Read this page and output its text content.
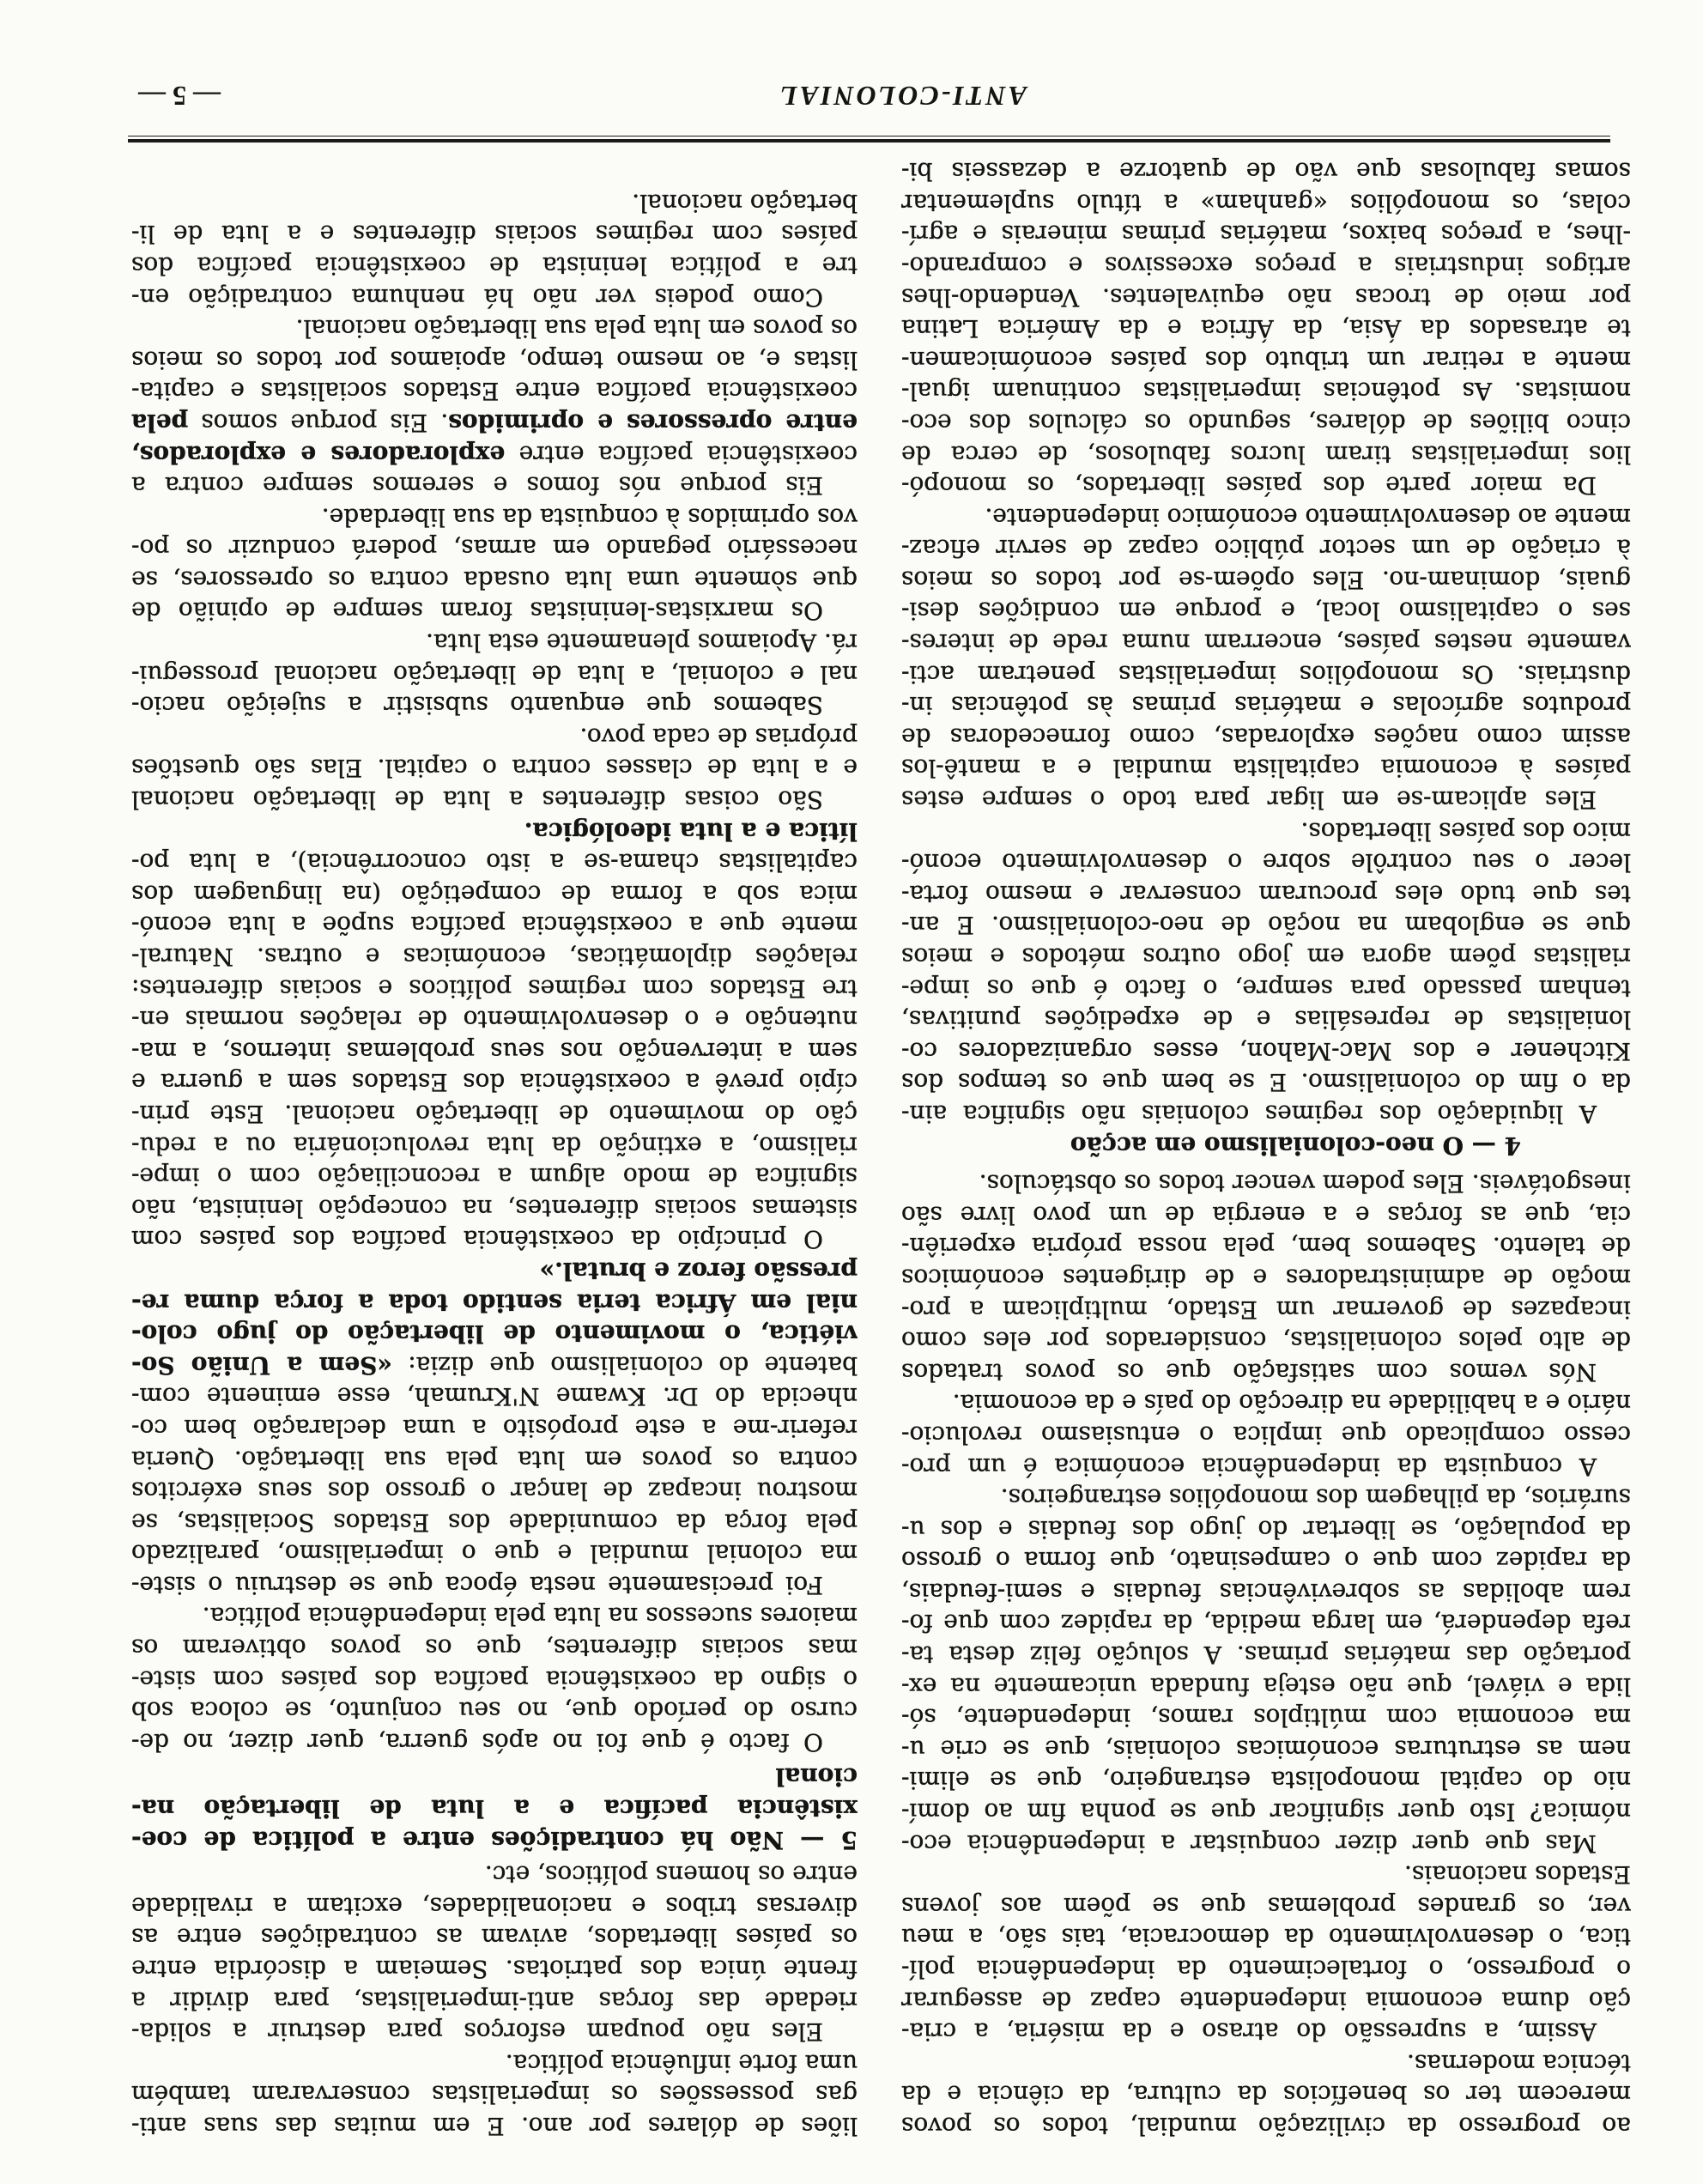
ao progresso da civilização mundial, todos os povos
merecem ter os benefícios da cultura, da ciência e da
técnica modernas.
Assim, a supressão do atraso e da miséria, a cria-
ção duma economia independente capaz de assegurar
o progresso, o fortalecimento da independência polí-
tica, o desenvolvimento da democracia, tais são, a meu
ver, os grandes problemas que se põem aos jovens
Estados nacionais.
Mas que quer dizer conquistar a independência eco-
nómica? Isto quer significar que se ponha fim ao domí-
nio do capital monopolista estrangeiro, que se elimi-
nem as estruturas económicas coloniais, que se crie u-
ma economia com múltiplos ramos, independente, só-
lida e viável, que não esteja fundada unicamente na ex-
portação das matérias primas. A solução feliz desta ta-
refa dependerá, em larga medida, da rapidez com que fo-
rem abolidas as sobrevivências feudais e semi-feudais,
da rapidez com que o campesinato, que forma o grosso
da população, se libertar do jugo dos feudais e dos u-
surários, da pilhagem dos monopólios estrangeiros.
A conquista da independência económica é um pro-
cesso complicado que implica o entusiasmo revolucio-
nário e a habilidade na direcção do país e da economia.
Nós vemos com satisfação que os povos tratados
de alto pelos colonialistas, considerados por eles como
incapazes de governar um Estado, multiplicam a pro-
moção de administradores e de dirigentes económicos
de talento. Sabemos bem, pela nossa própria experiên-
cia, que as forças e a energia de um povo livre são
inesgotáveis. Eles podem vencer todos os obstáculos.
4 — O neo-colonialismo em acção
A liquidação dos regimes coloniais não significa ain-
da o fim do colonialismo. E se bem que os tempos dos
Kitchener e dos Mac-Mahon, esses organizadores co-
lonialistas de represálias e de expedições punitivas,
tenham passado para sempre, o facto é que os impe-
rialistas põem agora em jogo outros métodos e meios
que se englobam na noção de neo-colonialismo. E an-
tes que tudo eles procuram conservar e mesmo forta-
lecer o seu contrôle sobre o desenvolvimento econó-
mico dos países libertados.
Eles aplicam-se em ligar para todo o sempre estes
países à economia capitalista mundial e a mantê-los
assim como nações exploradas, como fornecedoras de
produtos agrícolas e matérias primas às potências in-
dustriais. Os monopólios imperialistas penetram acti-
vamente nestes países, encerram numa rede de interes-
ses o capitalismo local, e porque em condições desi-
guais, dominam-no. Eles opõem-se por todos os meios
à criação de um sector público capaz de servir eficaz-
mente ao desenvolvimento económico independente.
Da maior parte dos países libertados, os monopó-
lios imperialistas tiram lucros fabulosos, de cerca de
cinco biliões de dólares, segundo os cálculos dos eco-
nomistas. As potências imperialistas continuam igual-
mente a retirar um tributo dos países económicamen-
te atrasados da Ásia, da África e da América Latina
por meio de trocas não equivalentes. Vendendo-lhes
artigos industriais a preços excessivos e comprando-
-lhes, a preços baixos, matérias primas minerais e agrí-
colas, os monopólios «ganham» a título suplementar
somas fabulosas que vão de quatorze a dezasseis bi-
liões de dólares por ano. E em muitas das suas anti-
gas possessões os imperialistas conservaram também
uma forte influência política.
Eles não poupam esforços para destruir a solida-
riedade das forças anti-imperialistas, para dividir a
frente única dos patriotas. Semeiam a discórdia entre
os países libertados, avivam as contradições entre as
diversas tribos e nacionalidades, excitam a rivalidade
entre os homens políticos, etc.
5 — Não há contradições entre a política de coe-
xistência pacífica e a luta de libertação na-
cional
O facto é que foi no após guerra, quer dizer, no de-
curso do período que, no seu conjunto, se coloca sob
o signo da coexistência pacífica dos países com siste-
mas sociais diferentes, que os povos obtiveram os
maiores sucessos na luta pela independência política.
Foi precisamente nesta época que se destruiu o siste-
ma colonial mundial e que o imperialismo, paralizado
pela força da comunidade dos Estados Socialistas, se
mostrou incapaz de lançar o grosso dos seus exércitos
contra os povos em luta pela sua libertação. Queria
referir-me a este propósito a uma declaração bem co-
nhecida do Dr. Kwame N'Krumah, esse eminente com-
batente do colonialismo que dizia: «Sem a União So-
viética, o movimento de libertação do jugo colo-
nial em África teria sentido toda a força duma re-
pressão feroz e brutal.»
O princípio da coexistência pacífica dos países com
sistemas sociais diferentes, na concepção leninista, não
significa de modo algum a reconciliação com o impe-
rialismo, a extinção da luta revolucionária ou a redu-
ção do movimento de libertação nacional. Este prin-
cípio prevê a coexistência dos Estados sem a guerra e
sem a intervenção nos seus problemas internos, a ma-
nutenção e o desenvolvimento de relações normais en-
tre Estados com regimes políticos e sociais diferentes:
relações diplomáticas, económicas e outras. Natural-
mente que a coexistência pacífica supõe a luta econó-
mica sob a forma de competição (na linguagem dos
capitalistas chama-se a isto concorrência), a luta po-
lítica e a luta ideológica.
São coisas diferentes a luta de libertação nacional
e a luta de classes contra o capital. Elas são questões
próprias de cada povo.
Sabemos que enquanto subsistir a sujeição nacio-
nal e colonial, a luta de libertação nacional prossegui-
rá. Apoiamos plenamente esta luta.
Os marxistas-leninistas foram sempre de opinião de
que sòmente uma luta ousada contra os opressores, se
necessário pegando em armas, poderá conduzir os po-
vos oprimidos à conquista da sua liberdade.
Eis porque nós fomos e seremos sempre contra a
coexistência pacífica entre exploradores e explorados,
entre opressores e oprimidos. Eis porque somos pela
coexistência pacífica entre Estados socialistas e capita-
listas e, ao mesmo tempo, apoiamos por todos os meios
os povos em luta pela sua libertação nacional.
Como podeis ver não há nenhuma contradição en-
tre a política leninista de coexistência pacífica dos
países com regimes sociais diferentes e a luta de li-
bertação nacional.
ANTI-COLONIAL
— 5 —
